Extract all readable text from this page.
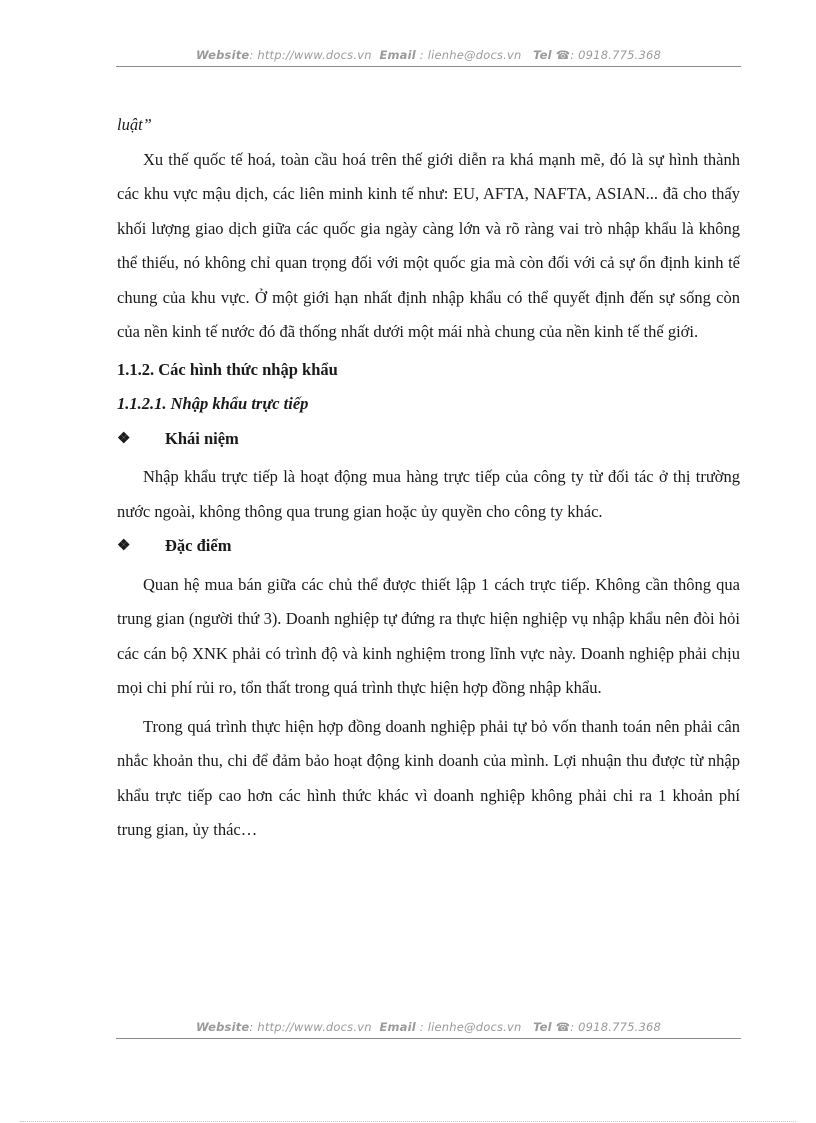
Website: http://www.docs.vn Email : lienhe@docs.vn Tel ☎: 0918.775.368

luật”

Xu thế quốc tế hoá, toàn cầu hoá trên thế giới diễn ra khá mạnh mẽ, đó là sự hình thành các khu vực mậu dịch, các liên minh kinh tế như: EU, AFTA, NAFTA, ASIAN... đã cho thấy khối lượng giao dịch giữa các quốc gia ngày càng lớn và rõ ràng vai trò nhập khẩu là không thể thiếu, nó không chỉ quan trọng đối với một quốc gia mà còn đối với cả sự ổn định kinh tế chung của khu vực. Ở một giới hạn nhất định nhập khẩu có thể quyết định đến sự sống còn của nền kinh tế nước đó đã thống nhất dưới một mái nhà chung của nền kinh tế thế giới.

1.1.2. Các hình thức nhập khẩu

1.1.2.1. Nhập khẩu trực tiếp

❖	Khái niệm

Nhập khẩu trực tiếp là hoạt động mua hàng trực tiếp của công ty từ đối tác ở thị trường nước ngoài, không thông qua trung gian hoặc ủy quyền cho công ty khác.

❖	Đặc điểm

Quan hệ mua bán giữa các chủ thể được thiết lập 1 cách trực tiếp. Không cần thông qua trung gian (người thứ 3). Doanh nghiệp tự đứng ra thực hiện nghiệp vụ nhập khẩu nên đòi hỏi các cán bộ XNK phải có trình độ và kinh nghiệm trong lĩnh vực này. Doanh nghiệp phải chịu mọi chi phí rủi ro, tổn thất trong quá trình thực hiện hợp đồng nhập khẩu.

Trong quá trình thực hiện hợp đồng doanh nghiệp phải tự bỏ vốn thanh toán nên phải cân nhắc khoản thu, chi để đảm bảo hoạt động kinh doanh của mình. Lợi nhuận thu được từ nhập khẩu trực tiếp cao hơn các hình thức khác vì doanh nghiệp không phải chi ra 1 khoản phí trung gian, ủy thác…

Website: http://www.docs.vn Email : lienhe@docs.vn Tel ☎: 0918.775.368
